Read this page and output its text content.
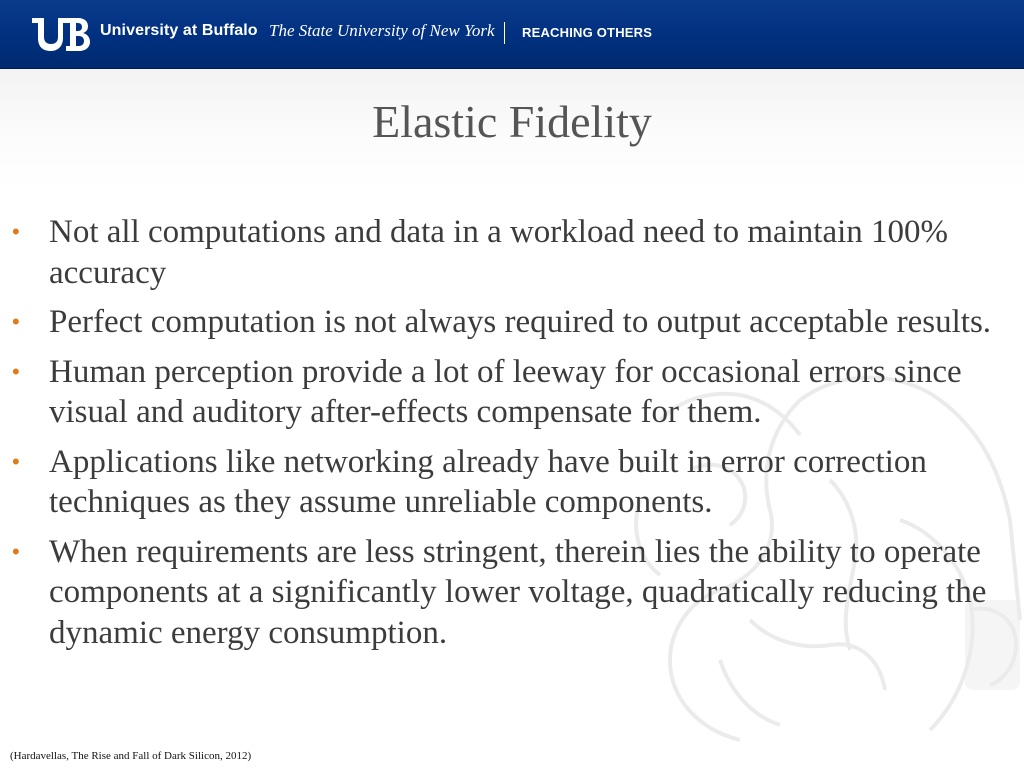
University at Buffalo The State University of New York REACHING OTHERS
Elastic Fidelity
• Not all computations and data in a workload need to maintain 100% accuracy
• Perfect computation is not always required to output acceptable results.
• Human perception provide a lot of leeway for occasional errors since visual and auditory after-effects compensate for them.
• Applications like networking already have built in error correction techniques as they assume unreliable components.
• When requirements are less stringent, therein lies the ability to operate components at a significantly lower voltage, quadratically reducing the dynamic energy consumption.
(Hardavellas, The Rise and Fall of Dark Silicon, 2012)
